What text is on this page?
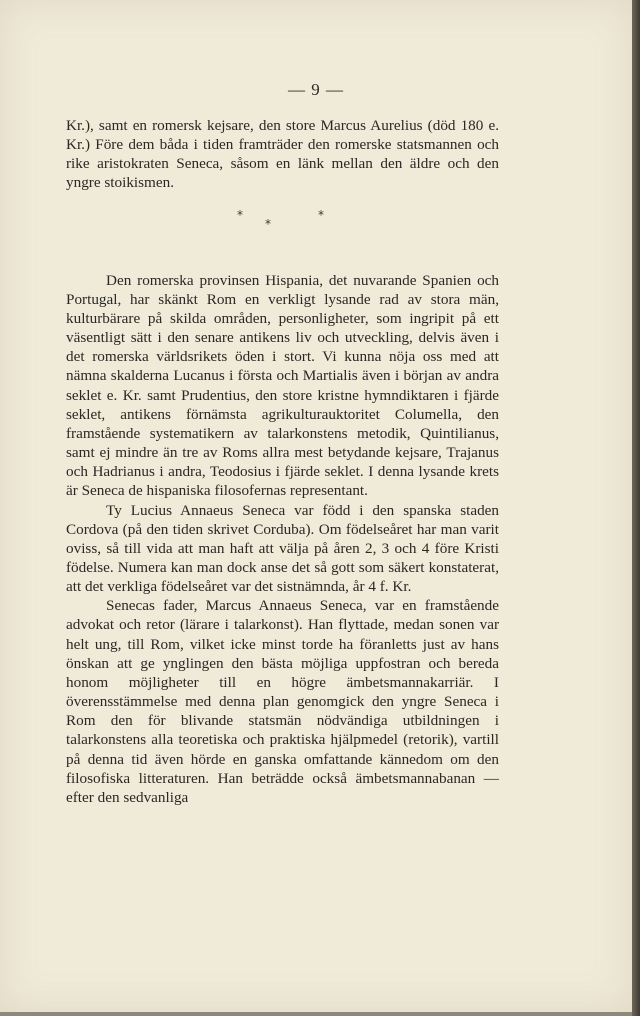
— 9 —

Kr.), samt en romersk kejsare, den store Marcus Aurelius (död 180 e. Kr.) Före dem båda i tiden framträder den romerske statsmannen och rike aristokraten Seneca, såsom en länk mellan den äldre och den yngre stoikismen.

*
*
*

Den romerska provinsen Hispania, det nuvarande Spanien och Portugal, har skänkt Rom en verkligt lysande rad av stora män, kulturbärare på skilda områden, personligheter, som ingripit på ett väsentligt sätt i den senare antikens liv och utveckling, delvis även i det romerska världsrikets öden i stort. Vi kunna nöja oss med att nämna skalderna Lucanus i första och Martialis även i början av andra seklet e. Kr. samt Prudentius, den store kristne hymndiktaren i fjärde seklet, antikens förnämsta agrikulturauktoritet Columella, den framstående systematikern av talarkonstens metodik, Quintilianus, samt ej mindre än tre av Roms allra mest betydande kejsare, Trajanus och Hadrianus i andra, Teodosius i fjärde seklet. I denna lysande krets är Seneca de hispaniska filosofernas representant.

Ty Lucius Annaeus Seneca var född i den spanska staden Cordova (på den tiden skrivet Corduba). Om födelseåret har man varit oviss, så till vida att man haft att välja på åren 2, 3 och 4 före Kristi födelse. Numera kan man dock anse det så gott som säkert konstaterat, att det verkliga födelseåret var det sistnämnda, år 4 f. Kr.

Senecas fader, Marcus Annaeus Seneca, var en framstående advokat och retor (lärare i talarkonst). Han flyttade, medan sonen var helt ung, till Rom, vilket icke minst torde ha föranletts just av hans önskan att ge ynglingen den bästa möjliga uppfostran och bereda honom möjligheter till en högre ämbetsmannakarriär. I överensstämmelse med denna plan genomgick den yngre Seneca i Rom den för blivande statsmän nödvändiga utbildningen i talarkonstens alla teoretiska och praktiska hjälpmedel (retorik), vartill på denna tid även hörde en ganska omfattande kännedom om den filosofiska litteraturen. Han beträdde också ämbetsmannabanan — efter den sedvanliga
